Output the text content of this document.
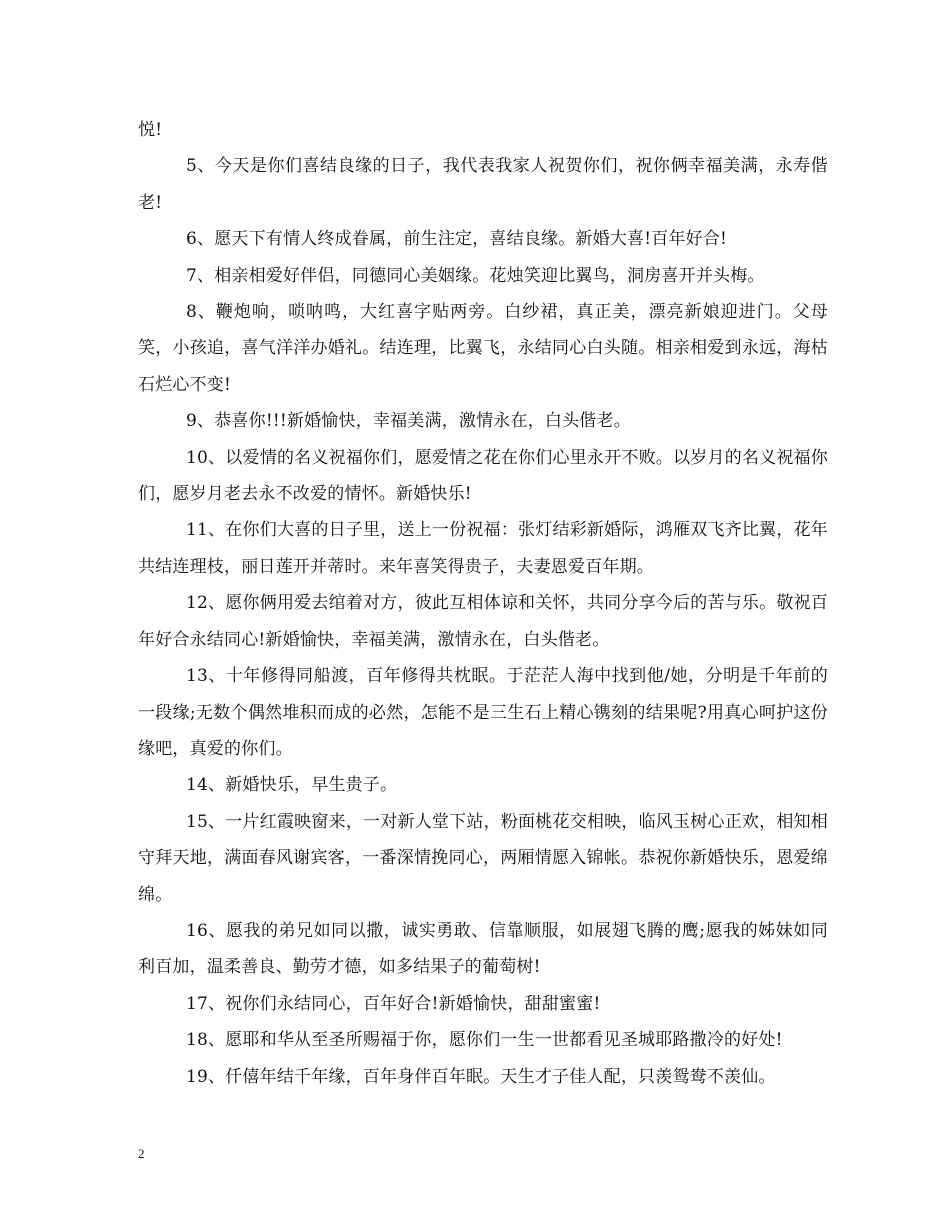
悦!

5、今天是你们喜结良缘的日子，我代表我家人祝贺你们，祝你俩幸福美满，永寿偕老!

6、愿天下有情人终成眷属，前生注定，喜结良缘。新婚大喜!百年好合!

7、相亲相爱好伴侣，同德同心美姻缘。花烛笑迎比翼鸟，洞房喜开并头梅。

8、鞭炮响，唢呐鸣，大红喜字贴两旁。白纱裙，真正美，漂亮新娘迎进门。父母笑，小孩追，喜气洋洋办婚礼。结连理，比翼飞，永结同心白头随。相亲相爱到永远，海枯石烂心不变!

9、恭喜你!!!新婚愉快，幸福美满，激情永在，白头偕老。

10、以爱情的名义祝福你们，愿爱情之花在你们心里永开不败。以岁月的名义祝福你们，愿岁月老去永不改爱的情怀。新婚快乐!

11、在你们大喜的日子里，送上一份祝福：张灯结彩新婚际，鸿雁双飞齐比翼，花年共结连理枝，丽日莲开并蒂时。来年喜笑得贵子，夫妻恩爱百年期。

12、愿你俩用爱去绾着对方，彼此互相体谅和关怀，共同分享今后的苦与乐。敬祝百年好合永结同心!新婚愉快，幸福美满，激情永在，白头偕老。

13、十年修得同船渡，百年修得共枕眠。于茫茫人海中找到他/她，分明是千年前的一段缘;无数个偶然堆积而成的必然，怎能不是三生石上精心镌刻的结果呢?用真心呵护这份缘吧，真爱的你们。

14、新婚快乐，早生贵子。

15、一片红霞映窗来，一对新人堂下站，粉面桃花交相映，临风玉树心正欢，相知相守拜天地，满面春风谢宾客，一番深情挽同心，两厢情愿入锦帐。恭祝你新婚快乐，恩爱绵绵。

16、愿我的弟兄如同以撒，诚实勇敢、信靠顺服，如展翅飞腾的鹰;愿我的姊妹如同利百加，温柔善良、勤劳才德，如多结果子的葡萄树!

17、祝你们永结同心，百年好合!新婚愉快，甜甜蜜蜜!

18、愿耶和华从至圣所赐福于你，愿你们一生一世都看见圣城耶路撒冷的好处!

19、仟僖年结千年缘，百年身伴百年眠。天生才子佳人配，只羡鸳鸯不羡仙。

2
